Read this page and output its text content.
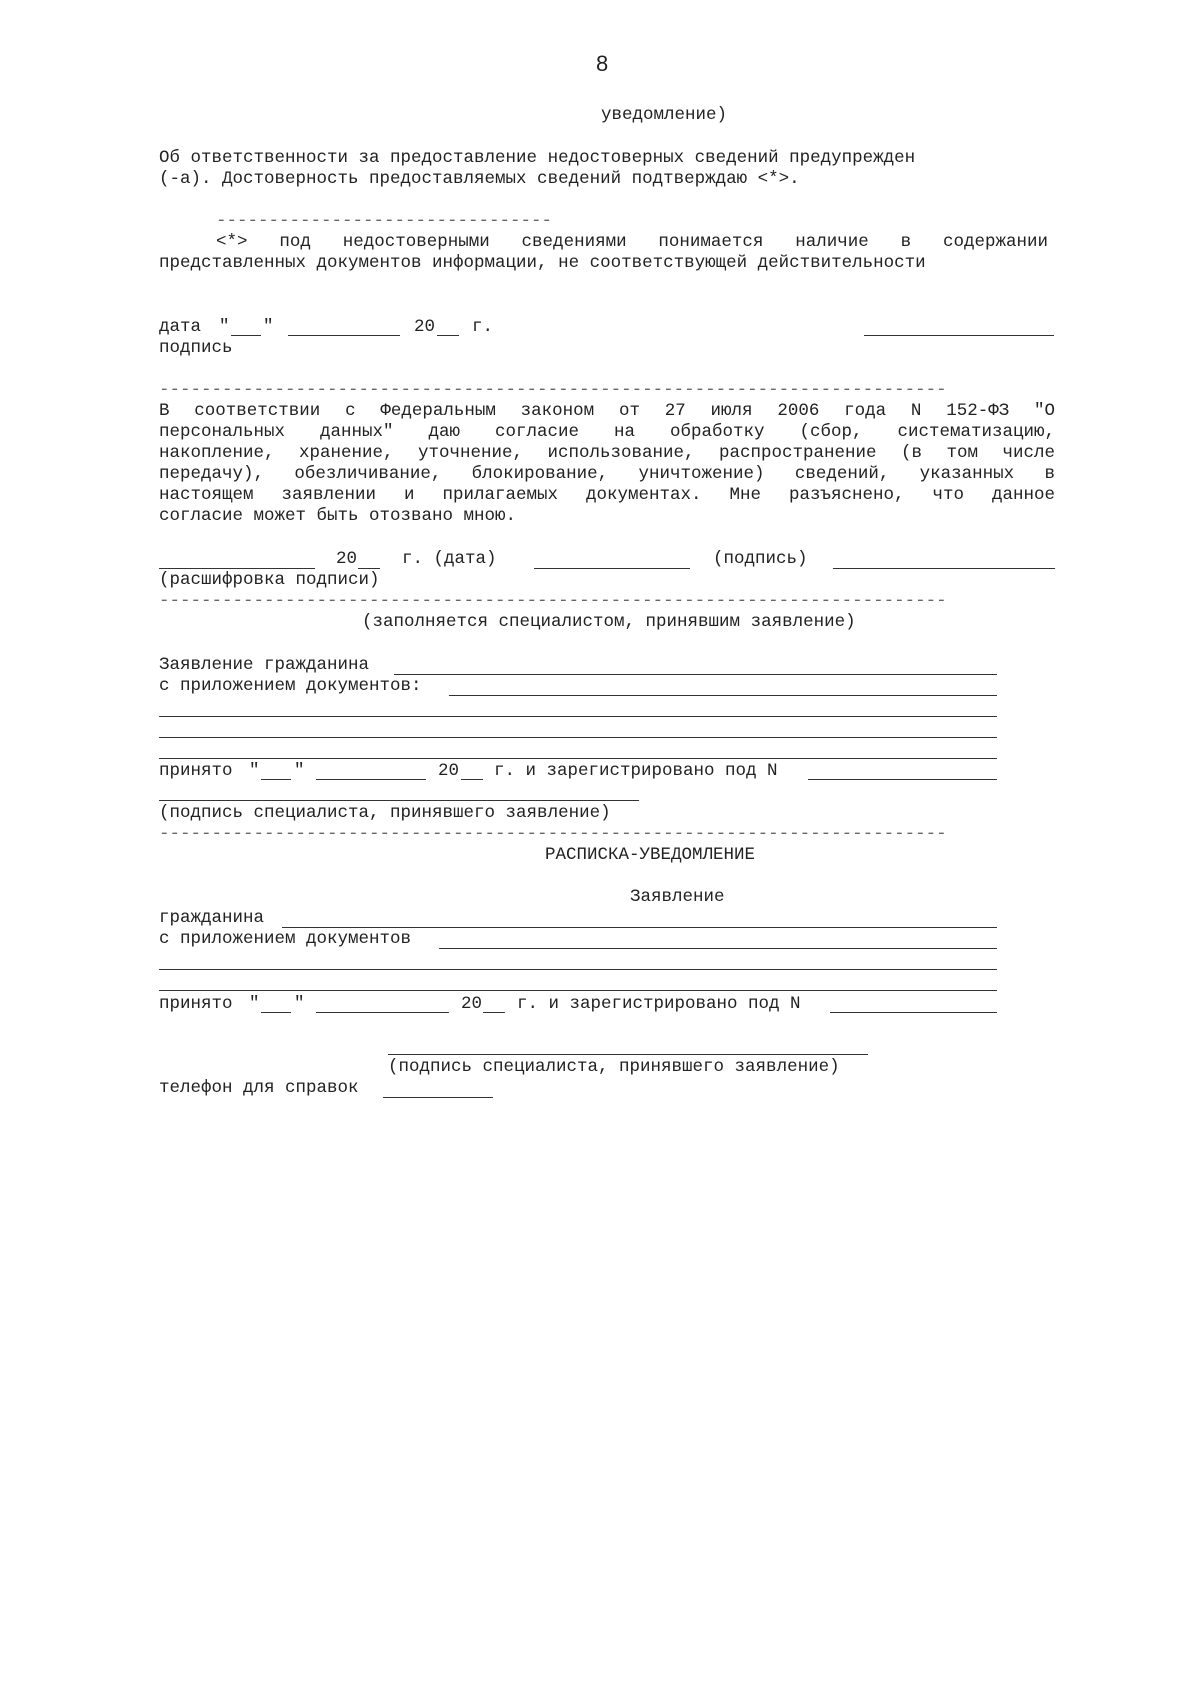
8
уведомление)
Об ответственности за предоставление недостоверных сведений предупрежден
(-а). Достоверность предоставляемых сведений подтверждаю <*>.
--------------------------------
<*> под недостоверными сведениями понимается наличие в содержании
представленных документов информации, не соответствующей действительности
дата " "	20 г.
подпись
---------------------------------------------------------------------------
В соответствии с Федеральным законом от 27 июля 2006 года N 152-ФЗ "О
персональных данных" даю согласие на обработку (сбор, систематизацию,
накопление, хранение, уточнение, использование, распространение (в том числе
передачу), обезличивание, блокирование, уничтожение) сведений, указанных в
настоящем заявлении и прилагаемых документах. Мне разъяснено, что данное
согласие может быть отозвано мною.
20	г. (дата)	(подпись)
(расшифровка подписи)
---------------------------------------------------------------------------
(заполняется специалистом, принявшим заявление)
Заявление гражданина
с приложением документов:
принято " "	20 г. и зарегистрировано под N
(подпись специалиста, принявшего заявление)
---------------------------------------------------------------------------
РАСПИСКА-УВЕДОМЛЕНИЕ
Заявление
гражданина
с приложением документов
принято " "	20 г. и зарегистрировано под N
(подпись специалиста, принявшего заявление)
телефон для справок
